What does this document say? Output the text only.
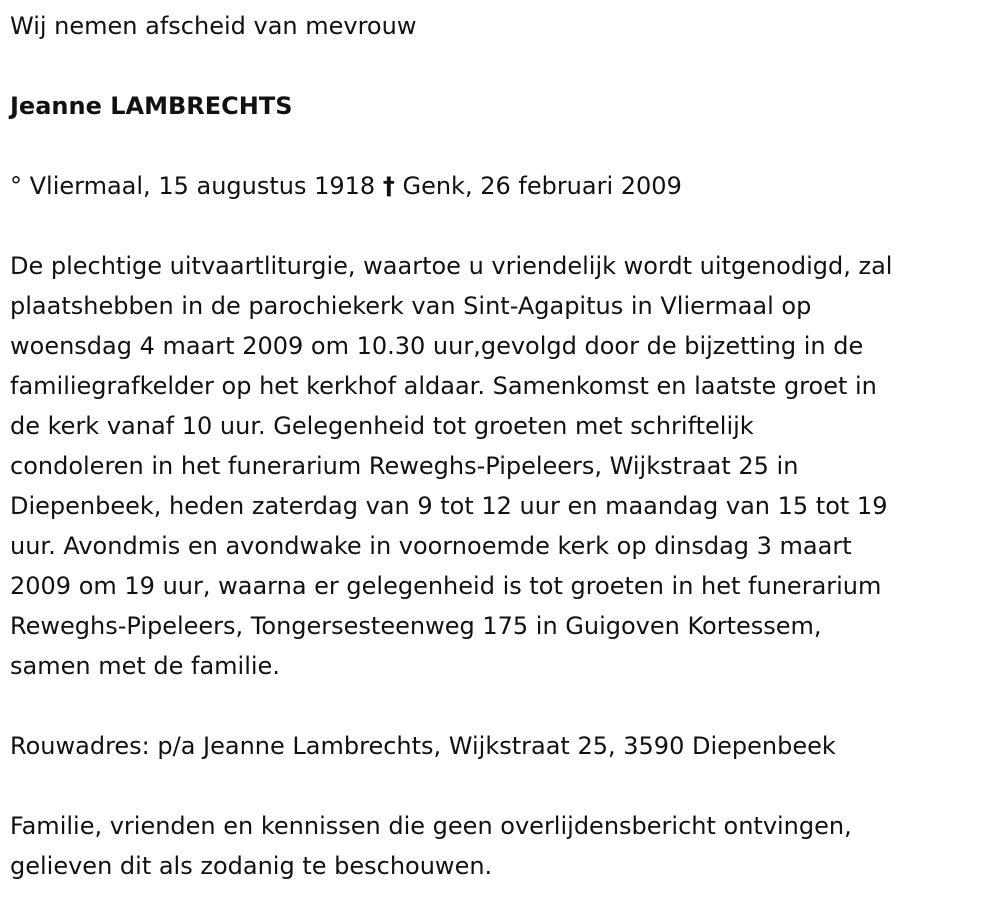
Wij nemen afscheid van mevrouw

Jeanne LAMBRECHTS

° Vliermaal, 15 augustus 1918 † Genk, 26 februari 2009

De plechtige uitvaartliturgie, waartoe u vriendelijk wordt uitgenodigd, zal

plaatshebben in de parochiekerk van Sint-Agapitus in Vliermaal op

woensdag 4 maart 2009 om 10.30 uur,gevolgd door de bijzetting in de

familiegrafkelder op het kerkhof aldaar. Samenkomst en laatste groet in

de kerk vanaf 10 uur. Gelegenheid tot groeten met schriftelijk

condoleren in het funerarium Reweghs-Pipeleers, Wijkstraat 25 in

Diepenbeek, heden zaterdag van 9 tot 12 uur en maandag van 15 tot 19

uur. Avondmis en avondwake in voornoemde kerk op dinsdag 3 maart

2009 om 19 uur, waarna er gelegenheid is tot groeten in het funerarium

Reweghs-Pipeleers, Tongersesteenweg 175 in Guigoven Kortessem,

samen met de familie.

Rouwadres: p/a Jeanne Lambrechts, Wijkstraat 25, 3590 Diepenbeek

Familie, vrienden en kennissen die geen overlijdensbericht ontvingen,

gelieven dit als zodanig te beschouwen.
